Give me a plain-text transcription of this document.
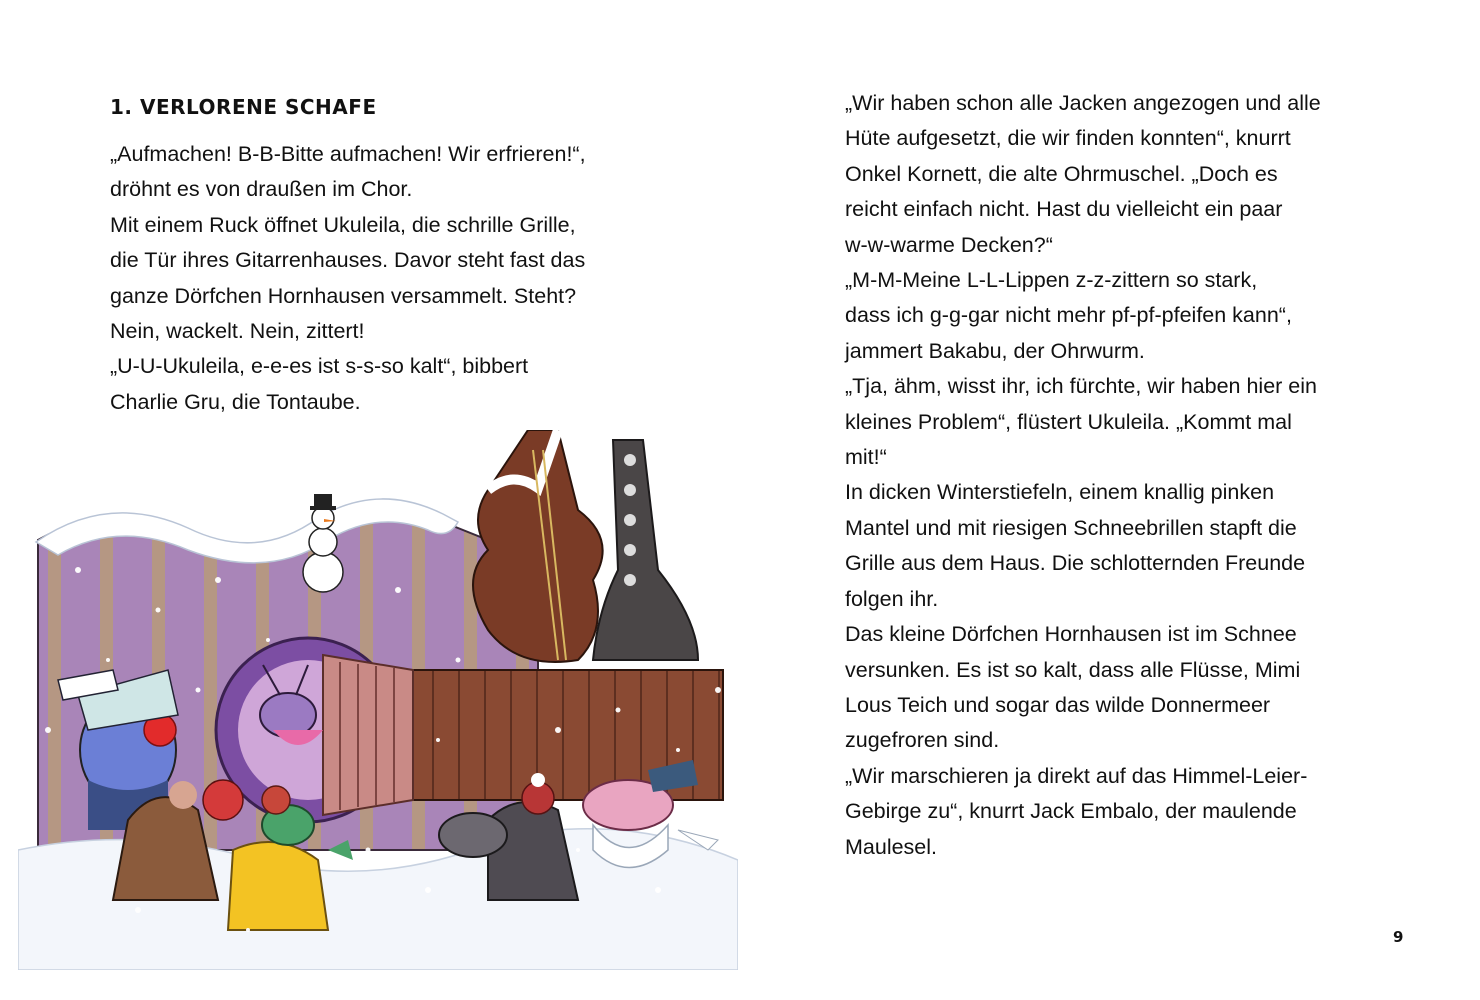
1. VERLORENE SCHAFE

„Aufmachen! B-B-Bitte aufmachen! Wir erfrieren!“,

dröhnt es von draußen im Chor.

Mit einem Ruck öffnet Ukuleila, die schrille Grille,

die Tür ihres Gitarrenhauses. Davor steht fast das

ganze Dörfchen Hornhausen versammelt. Steht?

Nein, wackelt. Nein, zittert!

„U-U-Ukuleila, e-e-es ist s-s-so kalt“, bibbert

Charlie Gru, die Tontaube.

„Wir haben schon alle Jacken angezogen und alle

Hüte aufgesetzt, die wir finden konnten“, knurrt

Onkel Kornett, die alte Ohrmuschel. „Doch es

reicht einfach nicht. Hast du vielleicht ein paar

w-w-warme Decken?“

„M-M-Meine L-L-Lippen z-z-zittern so stark,

dass ich g-g-gar nicht mehr pf-pf-pfeifen kann“,

jammert Bakabu, der Ohrwurm.

„Tja, ähm, wisst ihr, ich fürchte, wir haben hier ein

kleines Problem“, flüstert Ukuleila. „Kommt mal

mit!“

In dicken Winterstiefeln, einem knallig pinken

Mantel und mit riesigen Schneebrillen stapft die

Grille aus dem Haus. Die schlotternden Freunde

folgen ihr.

Das kleine Dörfchen Hornhausen ist im Schnee

versunken. Es ist so kalt, dass alle Flüsse, Mimi

Lous Teich und sogar das wilde Donnermeer

zugefroren sind.

„Wir marschieren ja direkt auf das Himmel-Leier-

Gebirge zu“, knurrt Jack Embalo, der maulende

Maulesel.

9
